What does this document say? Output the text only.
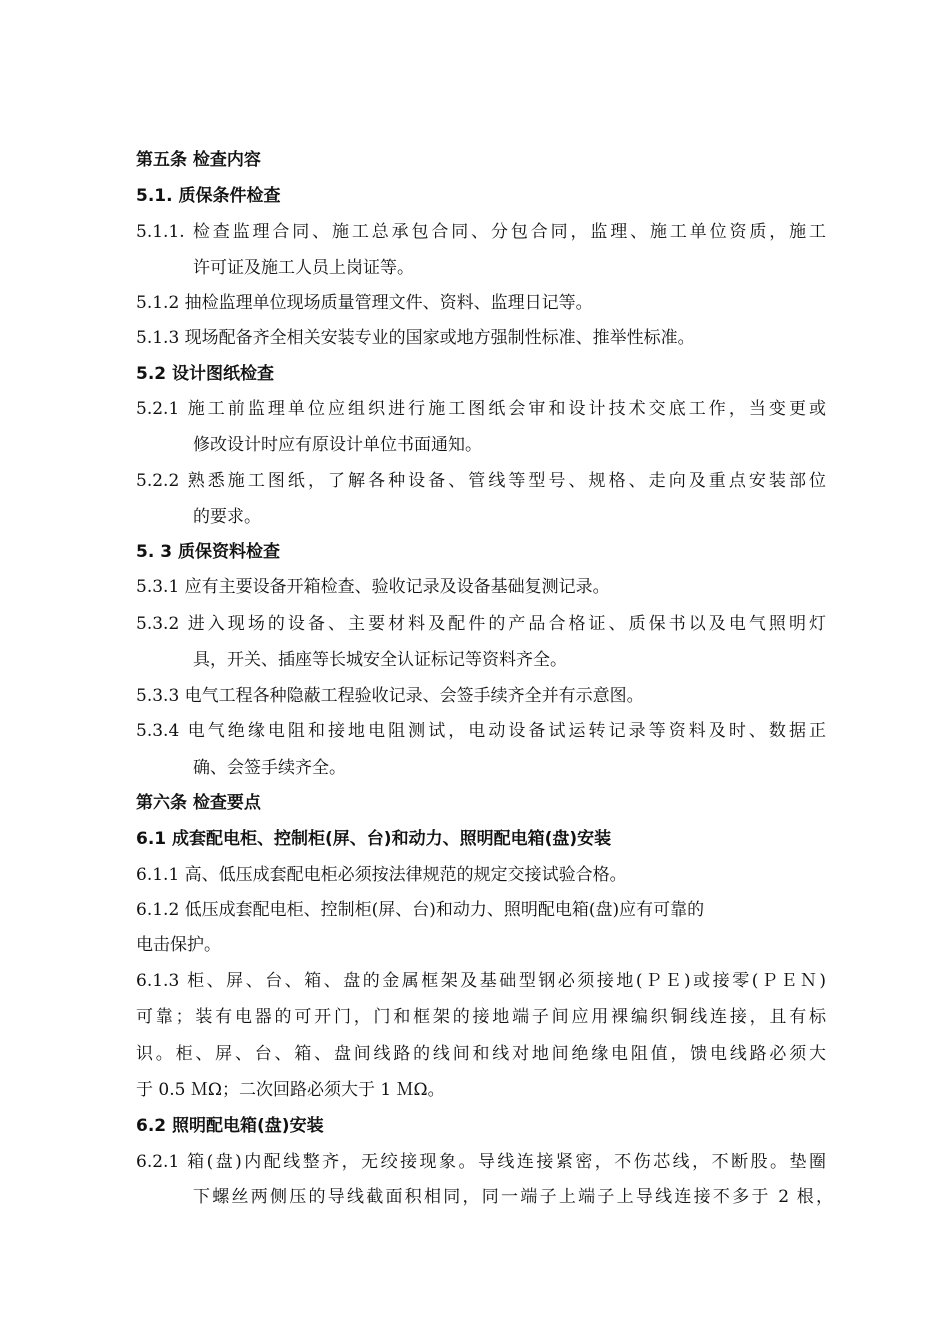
第五条 检查内容
5.1. 质保条件检查
5.1.1. 检查监理合同、施工总承包合同、分包合同，监理、施工单位资质，施工
许可证及施工人员上岗证等。
5.1.2 抽检监理单位现场质量管理文件、资料、监理日记等。
5.1.3 现场配备齐全相关安装专业的国家或地方强制性标准、推举性标准。
5.2 设计图纸检查
5.2.1 施工前监理单位应组织进行施工图纸会审和设计技术交底工作，当变更或
修改设计时应有原设计单位书面通知。
5.2.2 熟悉施工图纸，了解各种设备、管线等型号、规格、走向及重点安装部位
的要求。
5. 3 质保资料检查
5.3.1 应有主要设备开箱检查、验收记录及设备基础复测记录。
5.3.2 进入现场的设备、主要材料及配件的产品合格证、质保书以及电气照明灯
具，开关、插座等长城安全认证标记等资料齐全。
5.3.3 电气工程各种隐蔽工程验收记录、会签手续齐全并有示意图。
5.3.4 电气绝缘电阻和接地电阻测试，电动设备试运转记录等资料及时、数据正
确、会签手续齐全。
第六条 检查要点
6.1 成套配电柜、控制柜(屏、台)和动力、照明配电箱(盘)安装
6.1.1 高、低压成套配电柜必须按法律规范的规定交接试验合格。
6.1.2 低压成套配电柜、控制柜(屏、台)和动力、照明配电箱(盘)应有可靠的
电击保护。
6.1.3 柜、屏、台、箱、盘的金属框架及基础型钢必须接地(ＰＥ)或接零(ＰＥＮ)
可靠；装有电器的可开门，门和框架的接地端子间应用裸编织铜线连接，且有标
识。柜、屏、台、箱、盘间线路的线间和线对地间绝缘电阻值，馈电线路必须大
于 0.5 ＭΩ；二次回路必须大于 1 ＭΩ。
6.2 照明配电箱(盘)安装
6.2.1 箱(盘)内配线整齐，无绞接现象。导线连接紧密，不伤芯线，不断股。垫圈
下螺丝两侧压的导线截面积相同，同一端子上端子上导线连接不多于 2 根，
